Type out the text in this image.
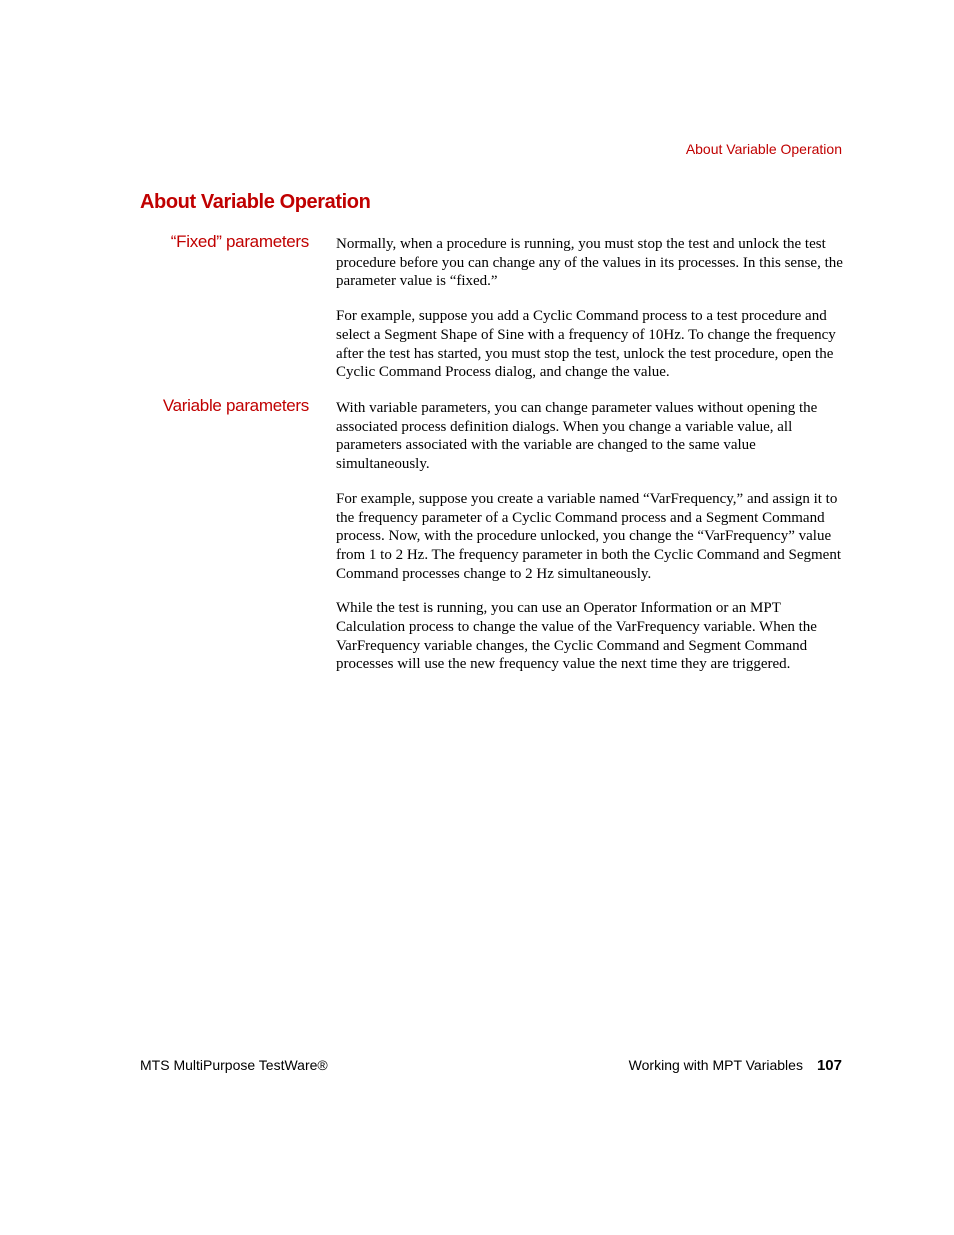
About Variable Operation
About Variable Operation
“Fixed” parameters Normally, when a procedure is running, you must stop the test and unlock the test procedure before you can change any of the values in its processes. In this sense, the parameter value is “fixed.”

For example, suppose you add a Cyclic Command process to a test procedure and select a Segment Shape of Sine with a frequency of 10Hz. To change the frequency after the test has started, you must stop the test, unlock the test procedure, open the Cyclic Command Process dialog, and change the value.

Variable parameters With variable parameters, you can change parameter values without opening the associated process definition dialogs. When you change a variable value, all parameters associated with the variable are changed to the same value simultaneously.

For example, suppose you create a variable named “VarFrequency,” and assign it to the frequency parameter of a Cyclic Command process and a Segment Command process. Now, with the procedure unlocked, you change the “VarFrequency” value from 1 to 2 Hz. The frequency parameter in both the Cyclic Command and Segment Command processes change to 2 Hz simultaneously.

While the test is running, you can use an Operator Information or an MPT Calculation process to change the value of the VarFrequency variable. When the VarFrequency variable changes, the Cyclic Command and Segment Command processes will use the new frequency value the next time they are triggered.

MTS MultiPurpose TestWare®	Working with MPT Variables 107
